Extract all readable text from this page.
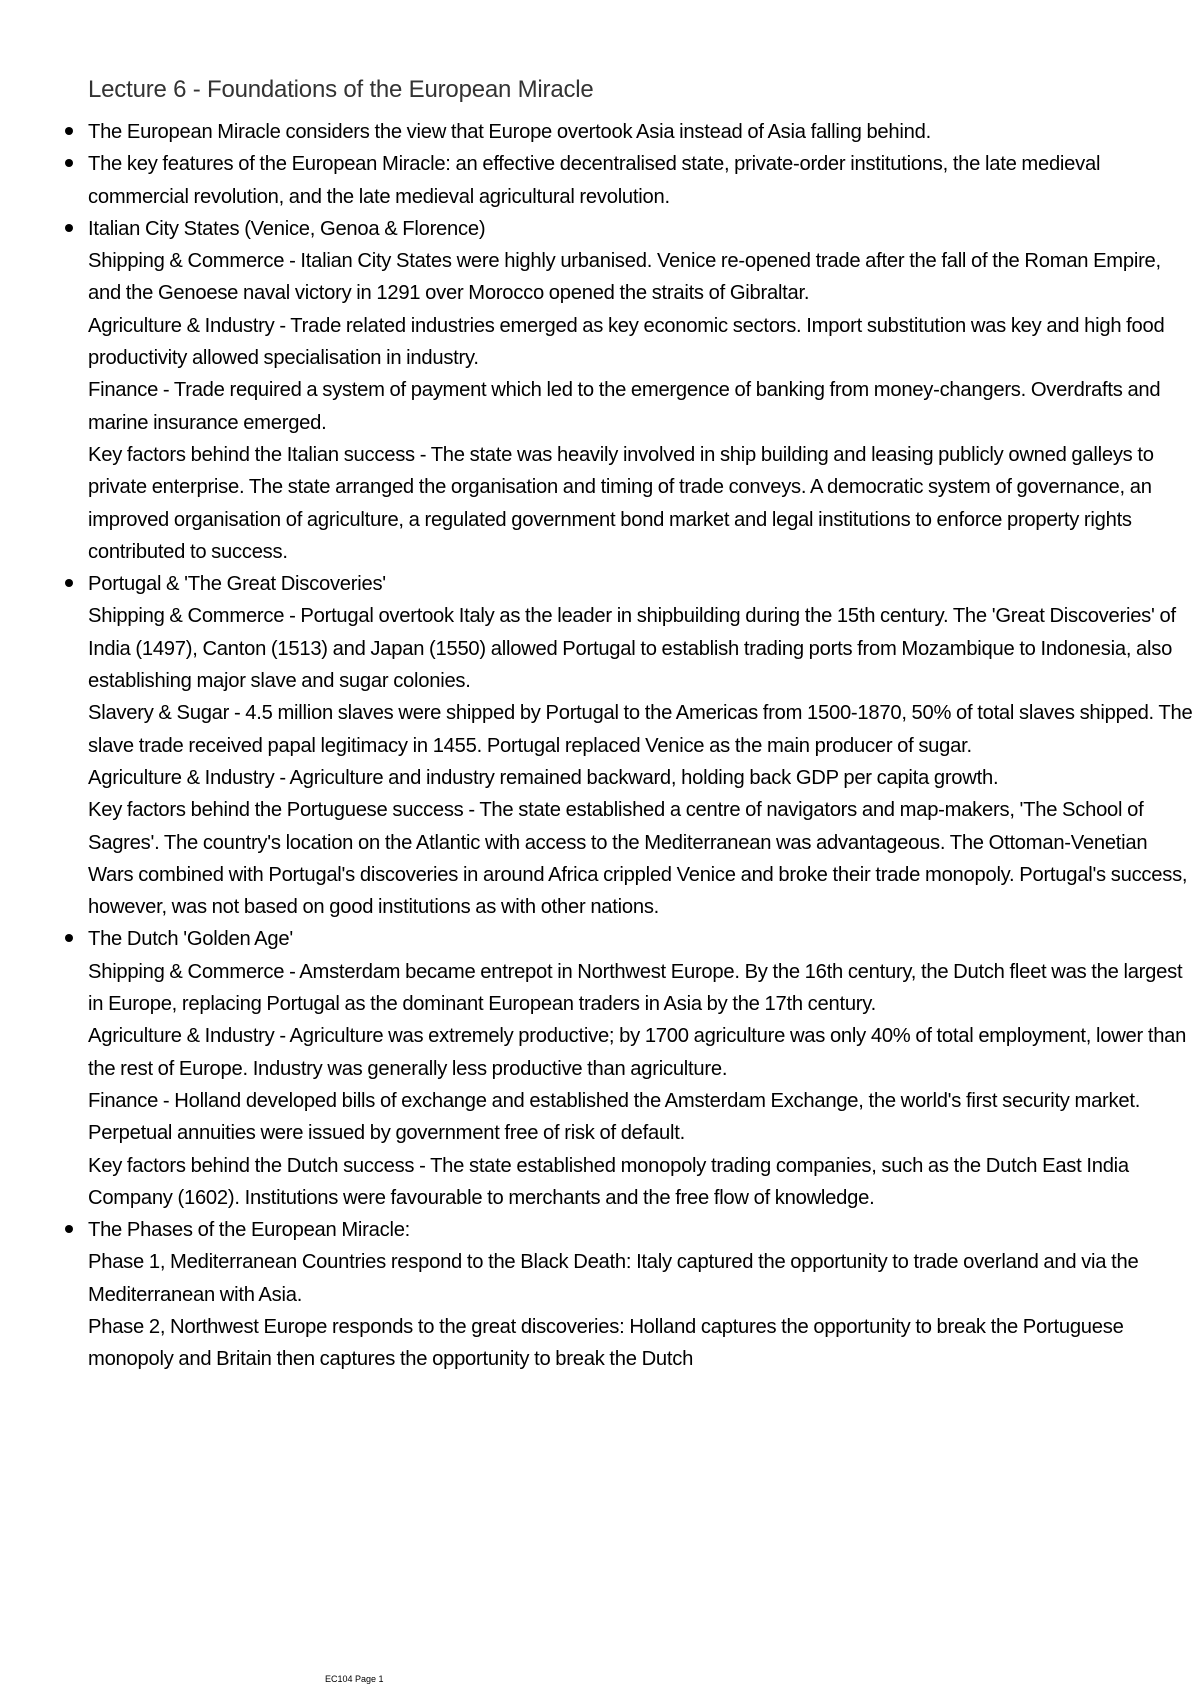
Lecture 6 - Foundations of the European Miracle

The European Miracle considers the view that Europe overtook Asia instead of Asia falling behind.

The key features of the European Miracle: an effective decentralised state, private-order institutions, the late medieval commercial revolution, and the late medieval agricultural revolution.

Italian City States (Venice, Genoa & Florence)

Shipping & Commerce - Italian City States were highly urbanised. Venice re-opened trade after the fall of the Roman Empire, and the Genoese naval victory in 1291 over Morocco opened the straits of Gibraltar.

Agriculture & Industry - Trade related industries emerged as key economic sectors. Import substitution was key and high food productivity allowed specialisation in industry.

Finance - Trade required a system of payment which led to the emergence of banking from money-changers. Overdrafts and marine insurance emerged.

Key factors behind the Italian success - The state was heavily involved in ship building and leasing publicly owned galleys to private enterprise. The state arranged the organisation and timing of trade conveys. A democratic system of governance, an improved organisation of agriculture, a regulated government bond market and legal institutions to enforce property rights contributed to success.

Portugal & 'The Great Discoveries'

Shipping & Commerce - Portugal overtook Italy as the leader in shipbuilding during the 15th century. The 'Great Discoveries' of India (1497), Canton (1513) and Japan (1550) allowed Portugal to establish trading ports from Mozambique to Indonesia, also establishing major slave and sugar colonies.

Slavery & Sugar - 4.5 million slaves were shipped by Portugal to the Americas from 1500-1870, 50% of total slaves shipped. The slave trade received papal legitimacy in 1455. Portugal replaced Venice as the main producer of sugar.

Agriculture & Industry - Agriculture and industry remained backward, holding back GDP per capita growth.

Key factors behind the Portuguese success - The state established a centre of navigators and map-makers, 'The School of Sagres'. The country's location on the Atlantic with access to the Mediterranean was advantageous. The Ottoman-Venetian Wars combined with Portugal's discoveries in around Africa crippled Venice and broke their trade monopoly. Portugal's success, however, was not based on good institutions as with other nations.

The Dutch 'Golden Age'

Shipping & Commerce - Amsterdam became entrepot in Northwest Europe. By the 16th century, the Dutch fleet was the largest in Europe, replacing Portugal as the dominant European traders in Asia by the 17th century.

Agriculture & Industry - Agriculture was extremely productive; by 1700 agriculture was only 40% of total employment, lower than the rest of Europe. Industry was generally less productive than agriculture.

Finance - Holland developed bills of exchange and established the Amsterdam Exchange, the world's first security market. Perpetual annuities were issued by government free of risk of default.

Key factors behind the Dutch success - The state established monopoly trading companies, such as the Dutch East India Company (1602). Institutions were favourable to merchants and the free flow of knowledge.

The Phases of the European Miracle:

Phase 1, Mediterranean Countries respond to the Black Death: Italy captured the opportunity to trade overland and via the Mediterranean with Asia.

Phase 2, Northwest Europe responds to the great discoveries: Holland captures the opportunity to break the Portuguese monopoly and Britain then captures the opportunity to break the Dutch

EC104 Page 1
